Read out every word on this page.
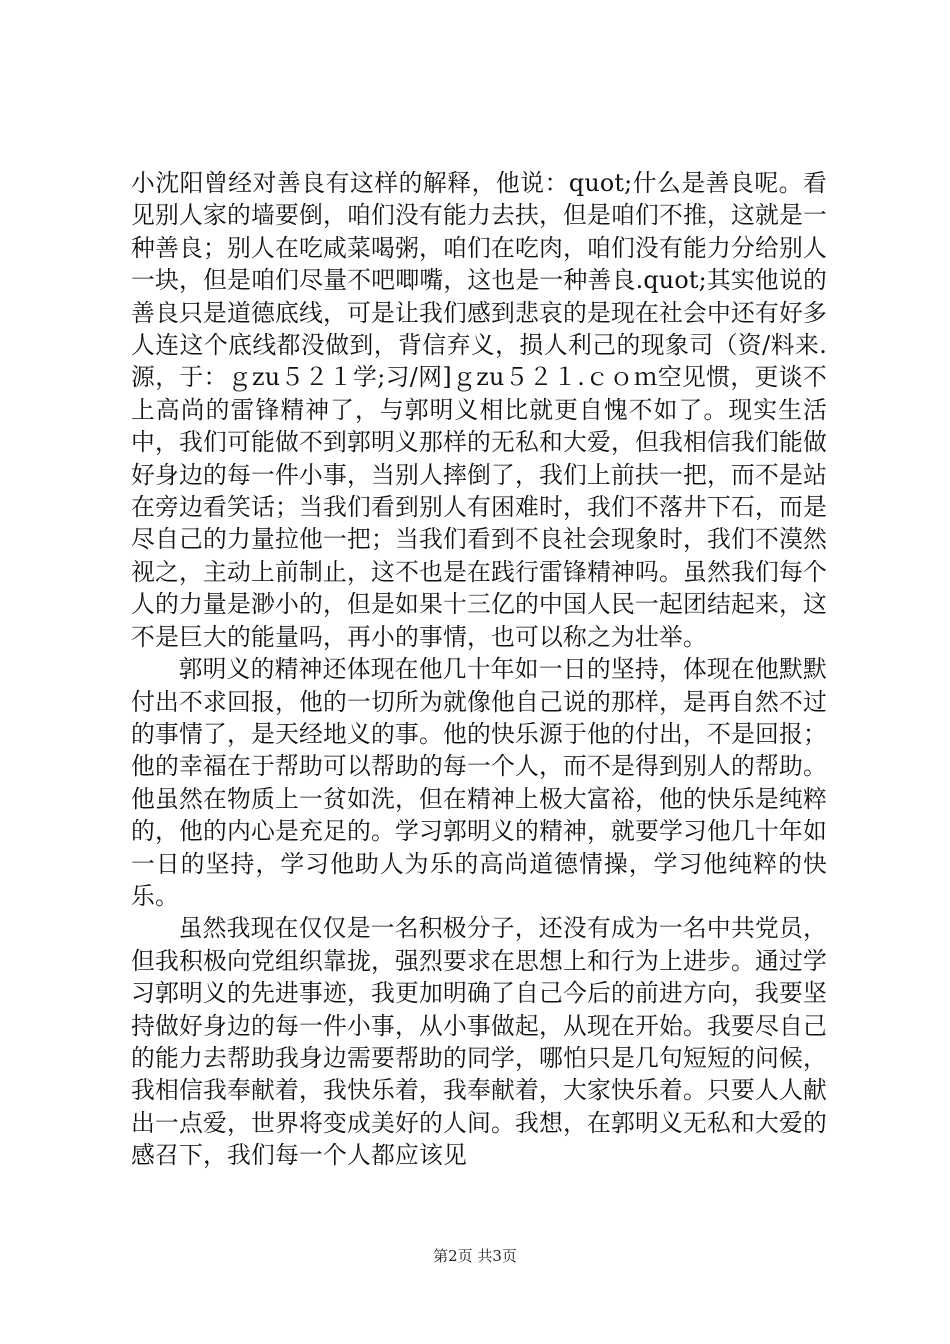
小沈阳曾经对善良有这样的解释，他说：quot;什么是善良呢。看见别人家的墙要倒，咱们没有能力去扶，但是咱们不推，这就是一种善良；别人在吃咸菜喝粥，咱们在吃肉，咱们没有能力分给别人一块，但是咱们尽量不吧唧嘴，这也是一种善良.quot;其实他说的善良只是道德底线，可是让我们感到悲哀的是现在社会中还有好多人连这个底线都没做到，背信弃义，损人利己的现象司（资/料来.源，于：ｇzu５２１学;习/网]ｇzu５２１.ｃｏｍ空见惯，更谈不上高尚的雷锋精神了，与郭明义相比就更自愧不如了。现实生活中，我们可能做不到郭明义那样的无私和大爱，但我相信我们能做好身边的每一件小事，当别人摔倒了，我们上前扶一把，而不是站在旁边看笑话；当我们看到别人有困难时，我们不落井下石，而是尽自己的力量拉他一把；当我们看到不良社会现象时，我们不漠然视之，主动上前制止，这不也是在践行雷锋精神吗。虽然我们每个人的力量是渺小的，但是如果十三亿的中国人民一起团结起来，这不是巨大的能量吗，再小的事情，也可以称之为壮举。

郭明义的精神还体现在他几十年如一日的坚持，体现在他默默付出不求回报，他的一切所为就像他自己说的那样，是再自然不过的事情了，是天经地义的事。他的快乐源于他的付出，不是回报；他的幸福在于帮助可以帮助的每一个人，而不是得到别人的帮助。他虽然在物质上一贫如洗，但在精神上极大富裕，他的快乐是纯粹的，他的内心是充足的。学习郭明义的精神，就要学习他几十年如一日的坚持，学习他助人为乐的高尚道德情操，学习他纯粹的快乐。

虽然我现在仅仅是一名积极分子，还没有成为一名中共党员，但我积极向党组织靠拢，强烈要求在思想上和行为上进步。通过学习郭明义的先进事迹，我更加明确了自己今后的前进方向，我要坚持做好身边的每一件小事，从小事做起，从现在开始。我要尽自己的能力去帮助我身边需要帮助的同学，哪怕只是几句短短的问候，我相信我奉献着，我快乐着，我奉献着，大家快乐着。只要人人献出一点爱，世界将变成美好的人间。我想，在郭明义无私和大爱的感召下，我们每一个人都应该见

第2页 共3页
